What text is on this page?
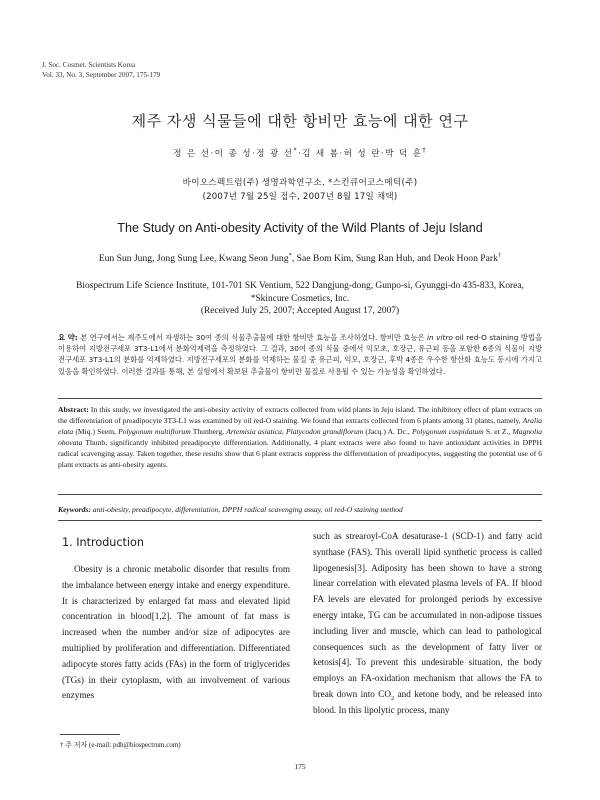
J. Soc. Cosmet. Scientists Korea
Vol. 33, No. 3, September 2007, 175-179
제주 자생 식물들에 대한 항비만 효능에 대한 연구
정 은 선·이 종 성·정 광 선*·김 새 봄·허 성 란·박 덕 훈†
바이오스펙트럼(주) 생명과학연구소, *스킨큐어코스메틱(주)
(2007년 7월 25일 접수, 2007년 8월 17일 채택)
The Study on Anti-obesity Activity of the Wild Plants of Jeju Island
Eun Sun Jung, Jong Sung Lee, Kwang Seon Jung*, Sae Bom Kim, Sung Ran Huh, and Deok Hoon Park†
Biospectrum Life Science Institute, 101-701 SK Ventium, 522 Dangjung-dong, Gunpo-si, Gyunggi-do 435-833, Korea,
*Skincure Cosmetics, Inc.
(Received July 25, 2007; Accepted August 17, 2007)
요 약: 본 연구에서는 제주도에서 자생하는 30여 종의 식물추출물에 대한 항비만 효능을 조사하였다. 항비만 효능은 in vitro oil red-O staining 방법을 이용하여 지방전구세포 3T3-L1에서 분화억제력을 측정하였다. 그 결과, 30여 종의 식물 중에서 익모초, 호장근, 유근피 등을 포함한 6종의 식물이 지방전구세포 3T3-L1의 분화를 억제하였다. 지방전구세포의 분화를 억제하는 물질 중 유근피, 익모, 호장근, 후박 4종은 우수한 항산화 효능도 동시에 가지고 있음을 확인하였다. 이러한 결과를 통해, 본 실험에서 확보된 추출물이 항비만 물질로 사용될 수 있는 가능성을 확인하였다.
Abstract: In this study, we investigated the anti-obesity activity of extracts collected from wild plants in Jeju island. The inhibitory effect of plant extracts on the differentiation of preadipocyte 3T3-L1 was examined by oil red-O staining. We found that extracts collected from 6 plants among 31 plants, namely, Aralia elata (Miq.) Seem, Polygonum multiflorum Thunberg, Artemisia asiatica, Platycodon grandiflorum (Jacq.) A. Dc., Polygonum cuspidatum S. et Z., Magnolia obovata Thunb, significantly inhibited preadipocyte differentiation. Additionally, 4 plant extracts were also found to have antioxidant activities in DPPH radical scavenging assay. Taken together, these results show that 6 plant extracts suppress the differentiation of preadipocytes, suggesting the potential use of 6 plant extracts as anti-obesity agents.
Keywords: anti-obesity, preadipocyte, differentiation, DPPH radical scavenging assay, oil red-O staining method
1. Introduction
Obesity is a chronic metabolic disorder that results from the imbalance between energy intake and energy expenditure. It is characterized by enlarged fat mass and elevated lipid concentration in blood[1,2]. The amount of fat mass is increased when the number and/or size of adipocytes are multiplied by proliferation and differentiation. Differentiated adipocyte stores fatty acids (FAs) in the form of triglycerides (TGs) in their cytoplasm, with an involvement of various enzymes
such as strearoyl-CoA desaturase-1 (SCD-1) and fatty acid synthase (FAS). This overall lipid synthetic process is called lipogenesis[3]. Adiposity has been shown to have a strong linear correlation with elevated plasma levels of FA. If blood FA levels are elevated for prolonged periods by excessive energy intake, TG can be accumulated in non-adipose tissues including liver and muscle, which can lead to pathological consequences such as the development of fatty liver or ketosis[4]. To prevent this undesirable situation, the body employs an FA-oxidation mechanism that allows the FA to break down into $CO_2$ and ketone body, and be released into blood. In this lipolytic process, many
† 주 저자 (e-mail: pdh@biospectrum.com)
175
